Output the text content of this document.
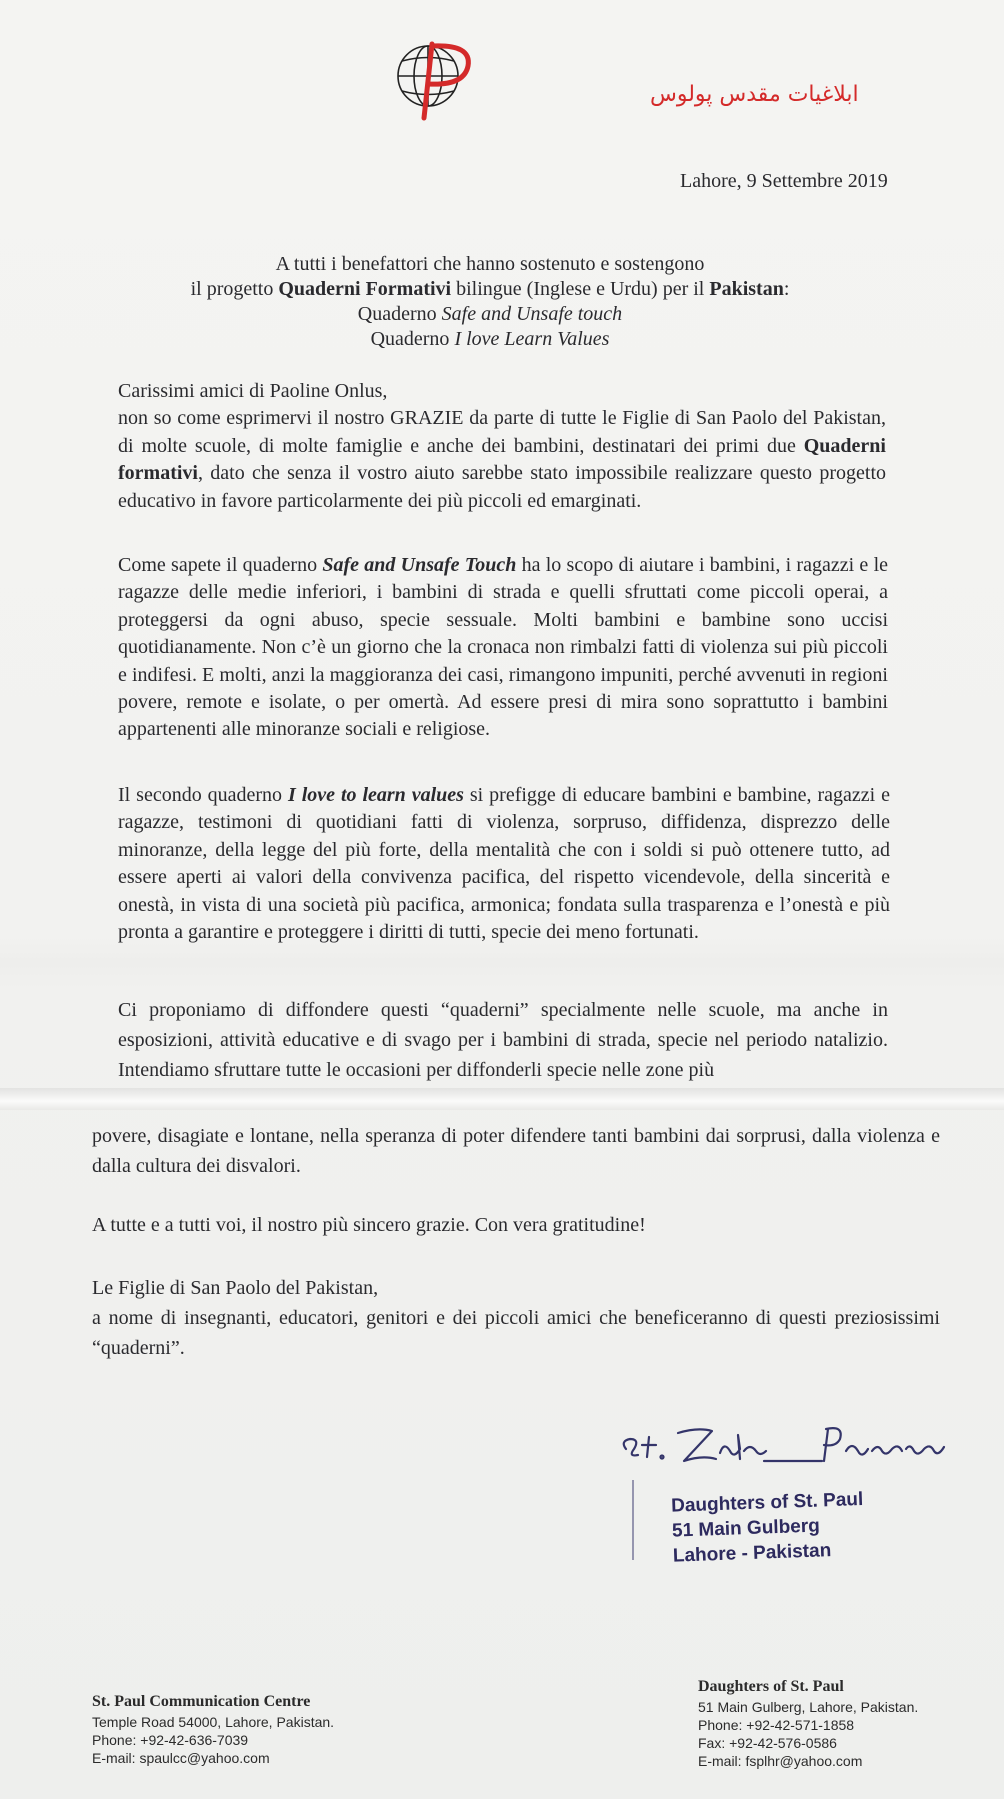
ابلاغیات مقدس پولوس
Lahore, 9 Settembre 2019
A tutti i benefattori che hanno sostenuto e sostengono
il progetto Quaderni Formativi bilingue (Inglese e Urdu) per il Pakistan:
Quaderno Safe and Unsafe touch
Quaderno I love Learn Values
Carissimi amici di Paoline Onlus,
non so come esprimervi il nostro GRAZIE da parte di tutte le Figlie di San Paolo del Pakistan, di molte scuole, di molte famiglie e anche dei bambini, destinatari dei primi due Quaderni formativi, dato che senza il vostro aiuto sarebbe stato impossibile realizzare questo progetto educativo in favore particolarmente dei più piccoli ed emarginati.
Come sapete il quaderno Safe and Unsafe Touch ha lo scopo di aiutare i bambini, i ragazzi e le ragazze delle medie inferiori, i bambini di strada e quelli sfruttati come piccoli operai, a proteggersi da ogni abuso, specie sessuale. Molti bambini e bambine sono uccisi quotidianamente. Non c’è un giorno che la cronaca non rimbalzi fatti di violenza sui più piccoli e indifesi. E molti, anzi la maggioranza dei casi, rimangono impuniti, perché avvenuti in regioni povere, remote e isolate, o per omertà. Ad essere presi di mira sono soprattutto i bambini appartenenti alle minoranze sociali e religiose.
Il secondo quaderno I love to learn values si prefigge di educare bambini e bambine, ragazzi e ragazze, testimoni di quotidiani fatti di violenza, sorpruso, diffidenza, disprezzo delle minoranze, della legge del più forte, della mentalità che con i soldi si può ottenere tutto, ad essere aperti ai valori della convivenza pacifica, del rispetto vicendevole, della sincerità e onestà, in vista di una società più pacifica, armonica; fondata sulla trasparenza e l’onestà e più pronta a garantire e proteggere i diritti di tutti, specie dei meno fortunati.
Ci proponiamo di diffondere questi “quaderni” specialmente nelle scuole, ma anche in esposizioni, attività educative e di svago per i bambini di strada, specie nel periodo natalizio. Intendiamo sfruttare tutte le occasioni per diffonderli specie nelle zone più
povere, disagiate e lontane, nella speranza di poter difendere tanti bambini dai sorprusi, dalla violenza e dalla cultura dei disvalori.
A tutte e a tutti voi, il nostro più sincero grazie. Con vera gratitudine!
Le Figlie di San Paolo del Pakistan,
a nome di insegnanti, educatori, genitori e dei piccoli amici che beneficeranno di questi preziosissimi “quaderni”.
Daughters of St. Paul
51 Main Gulberg
Lahore - Pakistan
St. Paul Communication Centre
Temple Road 54000, Lahore, Pakistan.
Phone: +92-42-636-7039
E-mail: spaulcc@yahoo.com
Daughters of St. Paul
51 Main Gulberg, Lahore, Pakistan.
Phone: +92-42-571-1858
Fax: +92-42-576-0586
E-mail: fsplhr@yahoo.com
